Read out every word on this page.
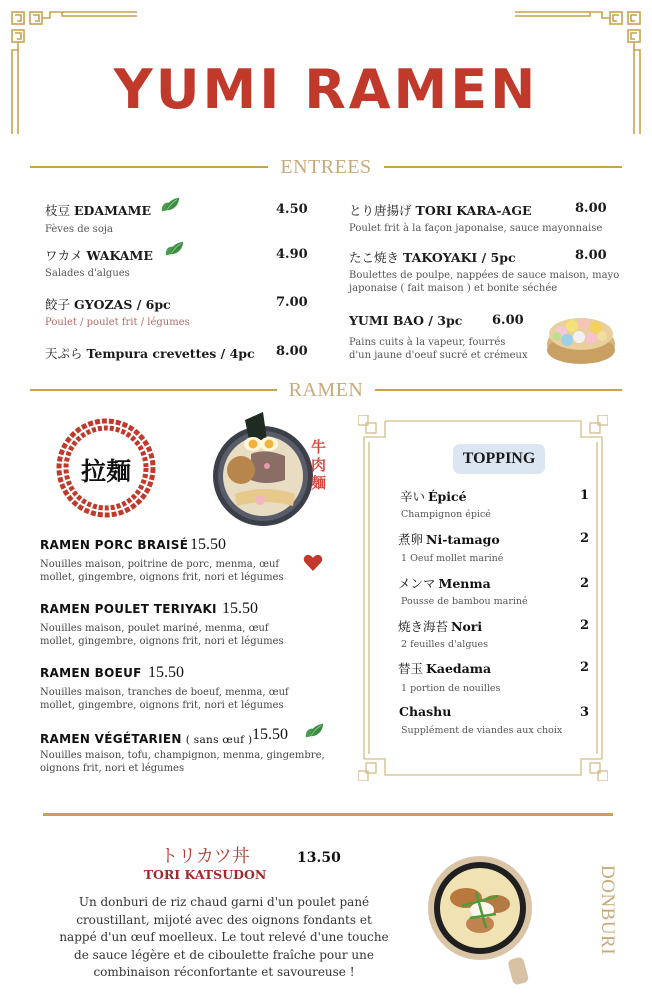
YUMI RAMEN
ENTREES
枝豆 EDAMAME	4.50
Fèves de soja
ワカメ WAKAME	4.90
Salades d'algues
餃子 GYOZAS / 6pc	7.00
Poulet / poulet frit / légumes
天ぷら Tempura crevettes / 4pc 8.00
とり唐揚げ TORI KARA-AGE	8.00
Poulet frit à la façon japonaise, sauce mayonnaise
たこ焼き TAKOYAKI / 5pc	8.00
Boulettes de poulpe, nappées de sauce maison, mayo
japonaise ( fait maison ) et bonite séchée
YUMI BAO / 3pc 6.00
Pains cuits à la vapeur, fourrés
d'un jaune d'oeuf sucré et crémeux
RAMEN
拉麺
牛肉麺
RAMEN PORC BRAISÉ 15.50
Nouilles maison, poitrine de porc, menma, œuf
mollet, gingembre, oignons frit, nori et légumes
RAMEN POULET TERIYAKI 15.50
Nouilles maison, poulet mariné, menma, œuf
mollet, gingembre, oignons frit, nori et légumes
RAMEN BOEUF 15.50
Nouilles maison, tranches de boeuf, menma, œuf
mollet, gingembre, oignons frit, nori et légumes
RAMEN VÉGÉTARIEN ( sans œuf ) 15.50
Nouilles maison, tofu, champignon, menma, gingembre,
oignons frit, nori et légumes
TOPPING
辛い Épicé	1
Champignon épicé
煮卵 Ni-tamago	2
1 Oeuf mollet mariné
メンマ Menma	2
Pousse de bambou mariné
焼き海苔 Nori	2
2 feuilles d'algues
替玉 Kaedama	2
1 portion de nouilles
Chashu	3
Supplément de viandes aux choix
トリカツ丼
TORI KATSUDON
13.50
Un donburi de riz chaud garni d'un poulet pané
croustillant, mijoté avec des oignons fondants et
nappé d'un œuf moelleux. Le tout relevé d'une touche
de sauce légère et de ciboulette fraîche pour une
combinaison réconfortante et savoureuse !
DONBURI
